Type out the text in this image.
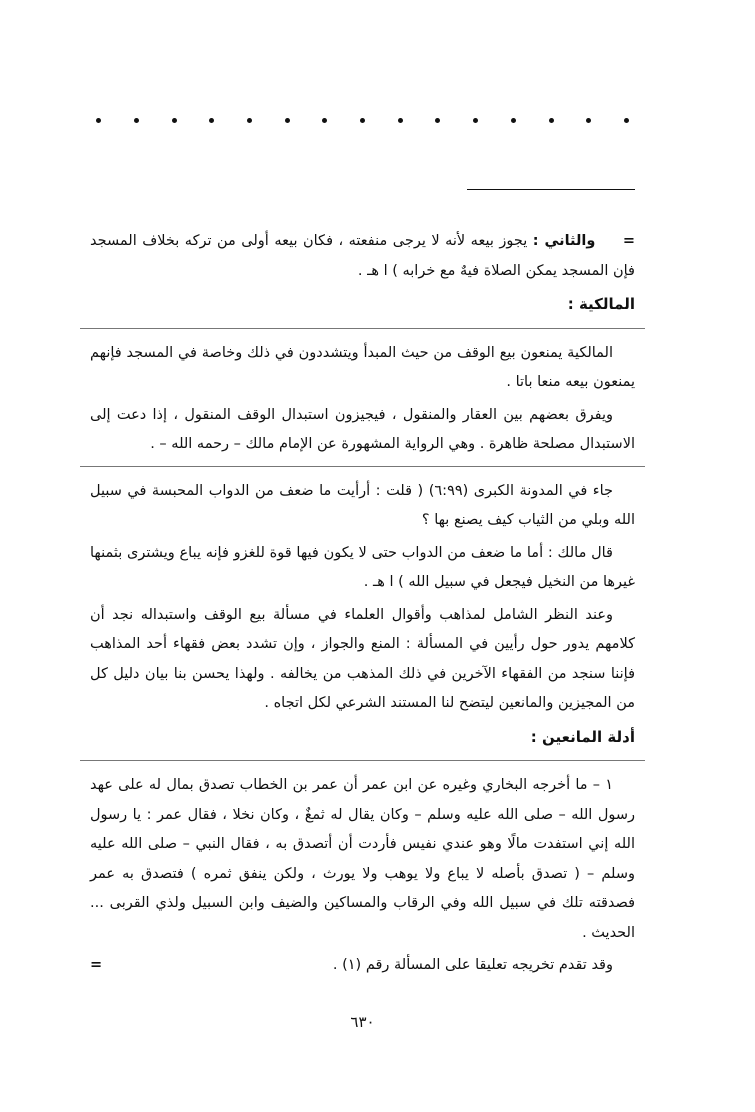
=     والثاني : يجوز بيعه لأنه لا يرجى منفعته ، فكان بيعه أولى من تركه بخلاف المسجد فإن المسجد يمكن الصلاة فيهٌ مع خرابه ) ا هـ .

المالكية :

المالكية يمنعون بيع الوقف من حيث المبدأ ويتشددون في ذلك وخاصة في المسجد فإنهم يمنعون بيعه منعا باتا .

ويفرق بعضهم بين العقار والمنقول ، فيجيزون استبدال الوقف المنقول ، إذا دعت إلى الاستبدال مصلحة ظاهرة . وهي الرواية المشهورة عن الإمام مالك – رحمه الله – .

جاء في المدونة الكبرى (٦:٩٩) ( قلت : أرأيت ما ضعف من الدواب المحبسة في سبيل الله وبلي من الثياب كيف يصنع بها ؟

قال مالك : أما ما ضعف من الدواب حتى لا يكون فيها قوة للغزو فإنه يباع ويشترى بثمنها غيرها من النخيل فيجعل في سبيل الله ) ا هـ .

وعند النظر الشامل لمذاهب وأقوال العلماء في مسألة بيع الوقف واستبداله نجد أن كلامهم يدور حول رأيين في المسألة : المنع والجواز ، وإن تشدد بعض فقهاء أحد المذاهب فإننا سنجد من الفقهاء الآخرين في ذلك المذهب من يخالفه . ولهذا يحسن بنا بيان دليل كل من المجيزين والمانعين ليتضح لنا المستند الشرعي لكل اتجاه .

أدلة المانعين :

١ – ما أخرجه البخاري وغيره عن ابن عمر أن عمر بن الخطاب تصدق بمال له على عهد رسول الله – صلى الله عليه وسلم – وكان يقال له ثمغٌ ، وكان نخلا ، فقال عمر : يا رسول الله إني استفدت مالًا وهو عندي نفيس فأردت أن أتصدق به ، فقال النبي – صلى الله عليه وسلم – ( تصدق بأصله لا يباع ولا يوهب ولا يورث ، ولكن ينفق ثمره ) فتصدق به عمر فصدقته تلك في سبيل الله وفي الرقاب والمساكين والضيف وابن السبيل ولذي القربى ... الحديث .

وقد تقدم تخريجه تعليقا على المسألة رقم (١) .
=

٦٣٠
